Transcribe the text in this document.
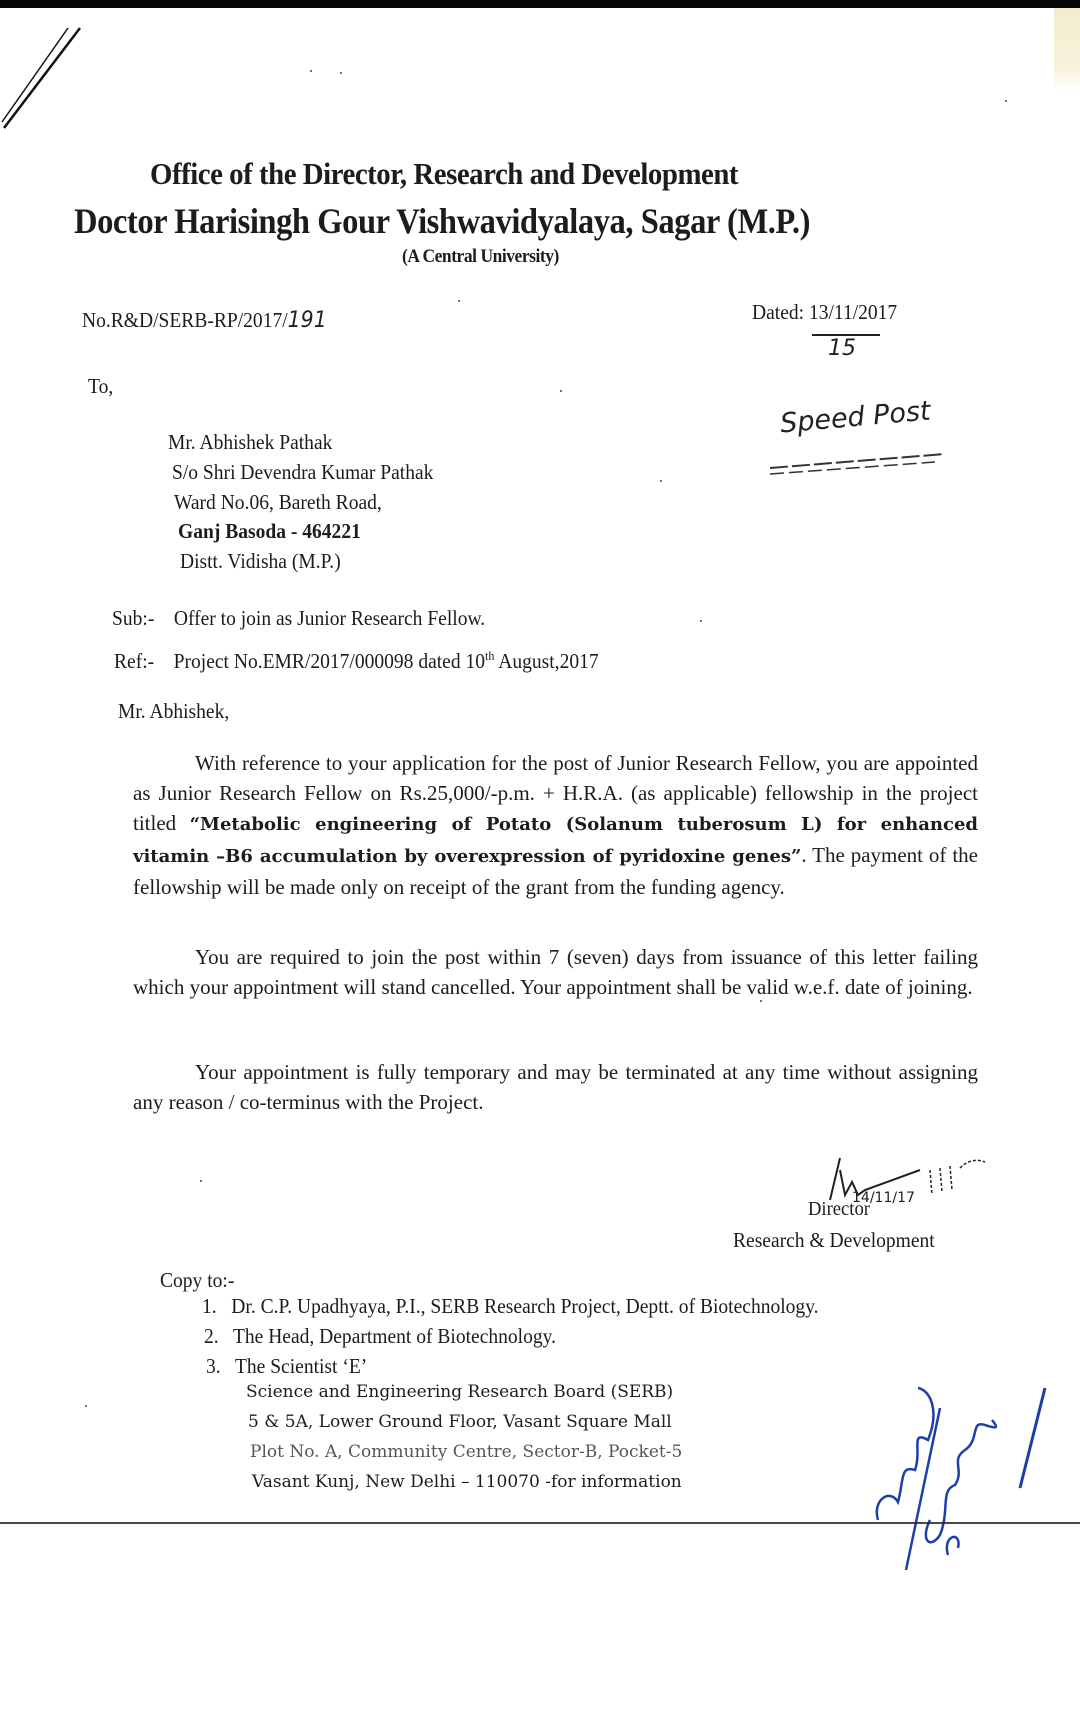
Office of the Director, Research and Development
Doctor Harisingh Gour Vishwavidyalaya, Sagar (M.P.)
(A Central University)
No.R&D/SERB-RP/2017/191	Dated: 13/11/2017
15
Speed Post
To,
Mr. Abhishek Pathak
S/o Shri Devendra Kumar Pathak
Ward No.06, Bareth Road,
Ganj Basoda - 464221
Distt. Vidisha (M.P.)
Sub:- Offer to join as Junior Research Fellow.
Ref:- Project No.EMR/2017/000098 dated 10th August,2017
Mr. Abhishek,
With reference to your application for the post of Junior Research Fellow, you are appointed as Junior Research Fellow on Rs.25,000/-p.m. + H.R.A. (as applicable) fellowship in the project titled “Metabolic engineering of Potato (Solanum tuberosum L) for enhanced vitamin –B6 accumulation by overexpression of pyridoxine genes”. The payment of the fellowship will be made only on receipt of the grant from the funding agency.
You are required to join the post within 7 (seven) days from issuance of this letter failing which your appointment will stand cancelled. Your appointment shall be valid w.e.f. date of joining.
Your appointment is fully temporary and may be terminated at any time without assigning any reason / co-terminus with the Project.
14/11/17
Director
Research & Development
Copy to:-
1. Dr. C.P. Upadhyaya, P.I., SERB Research Project, Deptt. of Biotechnology.
2. The Head, Department of Biotechnology.
3. The Scientist ‘E’
Science and Engineering Research Board (SERB)
5 & 5A, Lower Ground Floor, Vasant Square Mall
Plot No. A, Community Centre, Sector-B, Pocket-5
Vasant Kunj, New Delhi – 110070 -for information
